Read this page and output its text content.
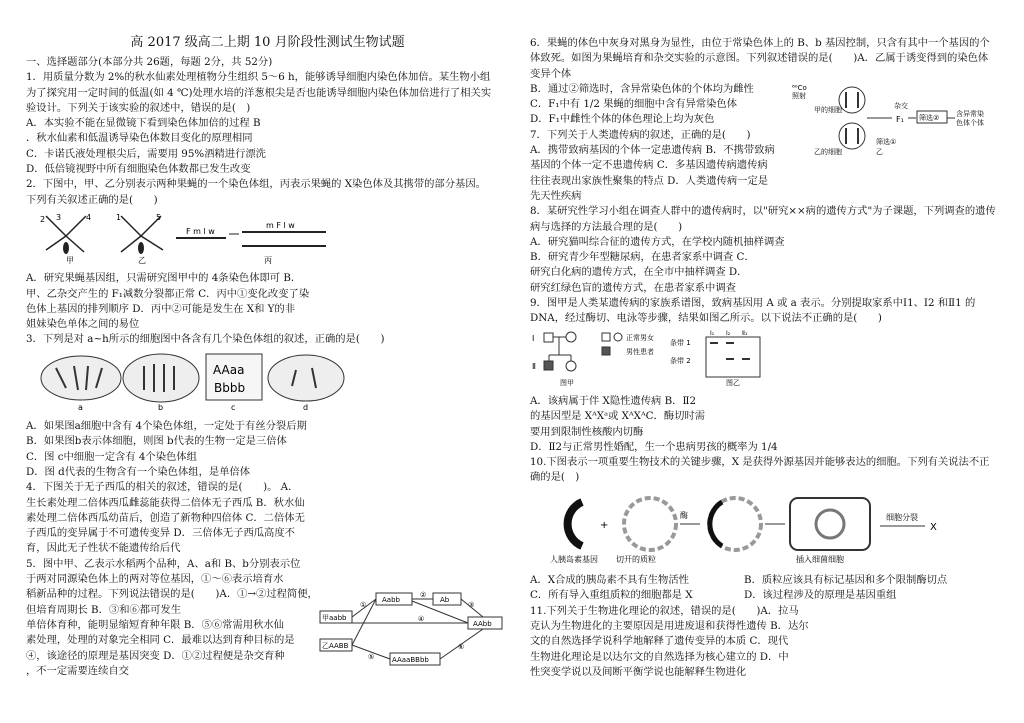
高 2017 级高二上期 10 月阶段性测试生物试题

一、选择题部分(本部分共 26题，每题 2分，共 52分)

1．用质量分数为 2%的秋水仙素处理植物分生组织 5～6 h，能够诱导细胞内染色体加倍。某生物小组

为了探究用一定时间的低温(如 4 ℃)处理水培的洋葱根尖是否也能诱导细胞内染色体加倍进行了相关实

验设计。下列关于该实验的叙述中，错误的是(　)

A．本实验不能在显微镜下看到染色体加倍的过程 B

．秋水仙素和低温诱导染色体数目变化的原理相同

C．卡诺氏液处理根尖后，需要用 95%酒精进行漂洗

D．低倍镜视野中所有细胞染色体数都已发生改变

2．下图中，甲、乙分别表示两种果蝇的一个染色体组，丙表示果蝇的 X染色体及其携带的部分基因。

下列有关叙述正确的是(　　)

2 3	4	1	5
F m l w
m F l w
甲	乙	丙

A．研究果蝇基因组，只需研究图甲中的 4条染色体即可 B．

甲、乙杂交产生的 F₁减数分裂都正常 C．丙中①变化改变了染

色体上基因的排列顺序 D．丙中②可能是发生在 X和 Y的非

姐妹染色单体之间的易位

3．下列是对 a~h所示的细胞图中各含有几个染色体组的叙述，正确的是(　　)

AAaa
Bbbb
a	b	c	d

A．如果图a细胞中含有 4个染色体组，一定处于有丝分裂后期

B．如果图b表示体细胞，则图 b代表的生物一定是三倍体

C．图 c中细胞一定含有 4个染色体组

D．图 d代表的生物含有一个染色体组，是单倍体

4．下图关于无子西瓜的相关的叙述，错误的是(　　)。 A．

生长素处理二倍体西瓜雌蕊能获得二倍体无子西瓜 B．秋水仙

素处理二倍体西瓜幼苗后，创造了新物种四倍体 C．二倍体无

子西瓜的变异属于不可遗传变异 D．三倍体无子西瓜高度不

育，因此无子性状不能遗传给后代

5．图中甲、乙表示水稻两个品种，A、a和 B、b分别表示位

于两对同源染色体上的两对等位基因，①～⑥表示培育水

稻新品种的过程。下列说法错误的是(　　)A．①→②过程简便，但培育周期长 B．③和⑥都可发生

单倍体育种，能明显缩短育种年限 B．⑤⑥常需用秋水仙

素处理，处理的对象完全相同 C．最难以达到育种目标的是

④，该途径的原理是基因突变 D．①②过程便是杂交育种

，不一定需要连续自交

甲aabb
乙AABB
Aabb	Ab
AAbb
AAaaBBbb
①
②
③
④
⑤
⑥

6．果蝇的体色中灰身对黑身为显性，由位于常染色体上的 B、b 基因控制，只含有其中一个基因的个

体致死。如图为果蝇培育和杂交实验的示意图。下列叙述错误的是(　　)A．乙属于诱变得到的染色体

变异个体

B．通过②筛选时，含异常染色体的个体均为雌性

C．F₁中有 1/2 果蝇的细胞中含有异常染色体

D．F₁中雌性个体的体色理论上均为灰色

⁶⁰Co
照射
甲的细胞
乙的细胞
杂交
F₁ 筛选② 含异常染
色体个体
筛选①
乙

7．下列关于人类遗传病的叙述，正确的是(　　)

A．携带致病基因的个体一定患遗传病 B．不携带致病

基因的个体一定不患遗传病 C．多基因遗传病遗传病

往往表现出家族性聚集的特点 D．人类遗传病一定是

先天性疾病

8．某研究性学习小组在调查人群中的遗传病时，以"研究××病的遗传方式"为子课题，下列调查的遗传

病与选择的方法最合理的是(　　)

A．研究猫叫综合征的遗传方式，在学校内随机抽样调查

B．研究青少年型糖尿病，在患者家系中调查 C．

研究白化病的遗传方式，在全市中抽样调查 D．

研究红绿色盲的遗传方式，在患者家系中调查

9．图甲是人类某遗传病的家族系谱图，致病基因用 A 或 a 表示。分别提取家系中Ⅰ1、Ⅰ2 和Ⅱ1 的

DNA，经过酶切、电泳等步骤，结果如图乙所示。以下说法不正确的是(　　)

Ⅰ
Ⅱ
正常男女
男性患者
图甲
条带 1
条带 2
Ⅰ₁ Ⅰ₂ Ⅱ₁
图乙

A．该病属于伴 X隐性遗传病 B．Ⅱ2

的基因型是 XᴬXᵃ或 XᴬXᴬC．酶切时需

要用到限制性核酸内切酶

D．Ⅱ2与正常男性婚配，生一个患病男孩的概率为 1/4

10.下图表示一项重要生物技术的关键步骤，X 是获得外源基因并能够表达的细胞。下列有关说法不正

确的是(　)

+
酶	细胞分裂
X
人胰岛素基因 切开的质粒	插入细菌细胞

A．X合成的胰岛素不具有生物活性	B．质粒应该具有标记基因和多个限制酶切点

C．所有导入重组质粒的细胞都是 X	D．该过程涉及的原理是基因重组

11.下列关于生物进化理论的叙述，错误的是(　　)A．拉马

克认为生物进化的主要原因是用进废退和获得性遗传 B．达尔

文的自然选择学说科学地解释了遗传变异的本质 C．现代

生物进化理论是以达尔文的自然选择为核心建立的 D．中

性突变学说以及间断平衡学说也能解释生物进化
